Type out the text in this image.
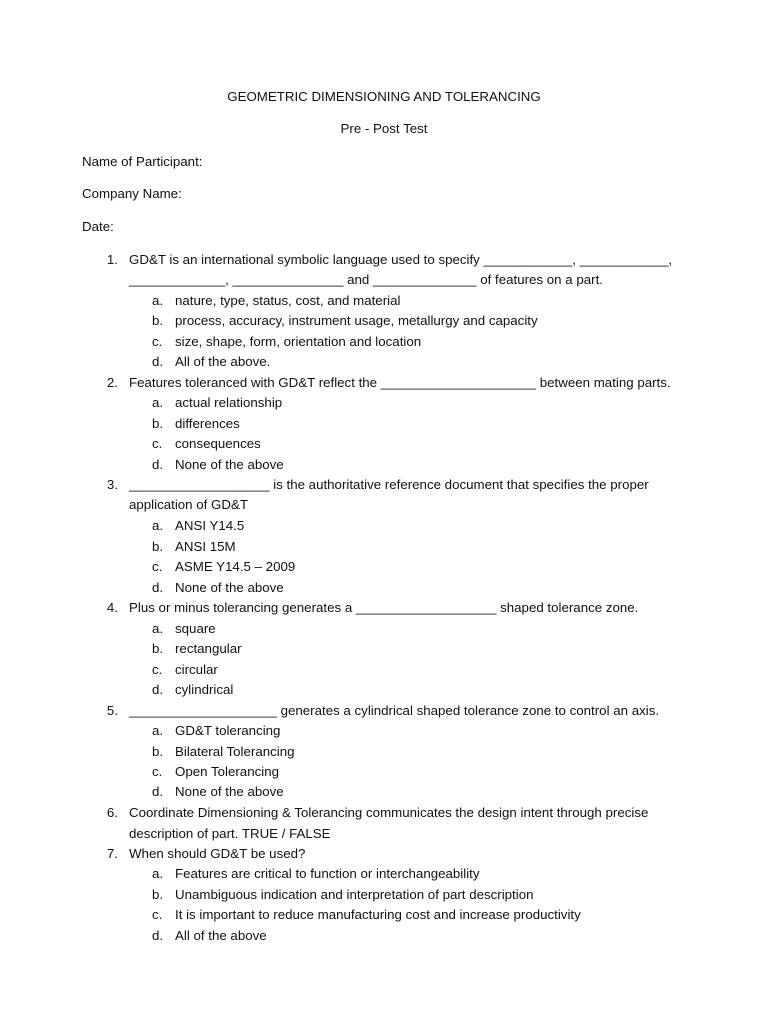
GEOMETRIC DIMENSIONING AND TOLERANCING
Pre - Post Test
Name of Participant:
Company Name:
Date:
1. GD&T is an international symbolic language used to specify ____________, ____________,
_____________, _______________ and ______________ of features on a part.
a. nature, type, status, cost, and material
b. process, accuracy, instrument usage, metallurgy and capacity
c. size, shape, form, orientation and location
d. All of the above.
2. Features toleranced with GD&T reflect the _____________________ between mating parts.
a. actual relationship
b. differences
c. consequences
d. None of the above
3. ___________________ is the authoritative reference document that specifies the proper
application of GD&T
a. ANSI Y14.5
b. ANSI 15M
c. ASME Y14.5 – 2009
d. None of the above
4. Plus or minus tolerancing generates a ___________________ shaped tolerance zone.
a. square
b. rectangular
c. circular
d. cylindrical
5. ____________________ generates a cylindrical shaped tolerance zone to control an axis.
a. GD&T tolerancing
b. Bilateral Tolerancing
c. Open Tolerancing
d. None of the above
6. Coordinate Dimensioning & Tolerancing communicates the design intent through precise
description of part. TRUE / FALSE
7. When should GD&T be used?
a. Features are critical to function or interchangeability
b. Unambiguous indication and interpretation of part description
c. It is important to reduce manufacturing cost and increase productivity
d. All of the above
